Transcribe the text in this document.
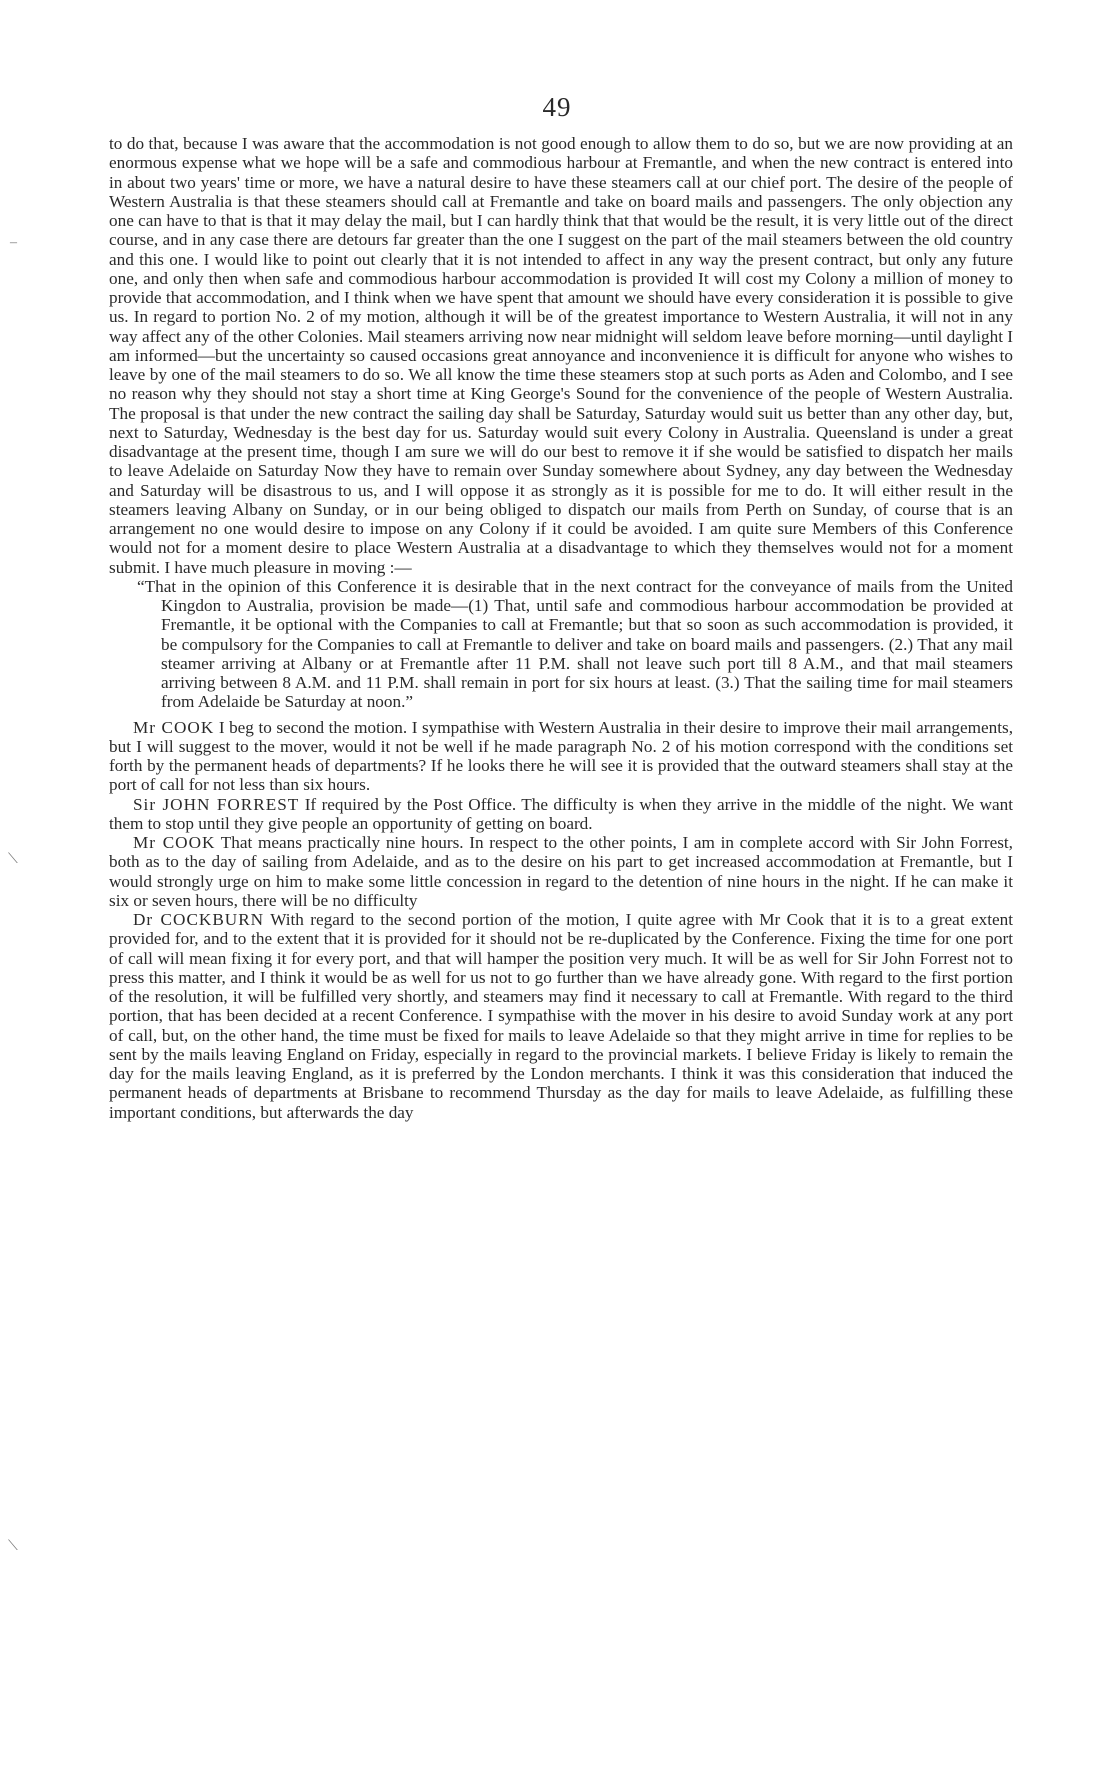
49
–
⟍
⟍

to do that, because I was aware that the accommodation is not good enough to allow them to do so, but we are now providing at an enormous expense what we hope will be a safe and commodious harbour at Fremantle, and when the new contract is entered into in about two years' time or more, we have a natural desire to have these steamers call at our chief port. The desire of the people of Western Australia is that these steamers should call at Fremantle and take on board mails and passengers. The only objection any one can have to that is that it may delay the mail, but I can hardly think that that would be the result, it is very little out of the direct course, and in any case there are detours far greater than the one I suggest on the part of the mail steamers between the old country and this one. I would like to point out clearly that it is not intended to affect in any way the present contract, but only any future one, and only then when safe and commodious harbour accommodation is provided It will cost my Colony a million of money to provide that accommodation, and I think when we have spent that amount we should have every consideration it is possible to give us. In regard to portion No. 2 of my motion, although it will be of the greatest importance to Western Australia, it will not in any way affect any of the other Colonies. Mail steamers arriving now near midnight will seldom leave before morning—until daylight I am informed—but the uncertainty so caused occasions great annoyance and inconvenience it is difficult for anyone who wishes to leave by one of the mail steamers to do so. We all know the time these steamers stop at such ports as Aden and Colombo, and I see no reason why they should not stay a short time at King George's Sound for the convenience of the people of Western Australia. The proposal is that under the new contract the sailing day shall be Saturday, Saturday would suit us better than any other day, but, next to Saturday, Wednesday is the best day for us. Saturday would suit every Colony in Australia. Queensland is under a great disadvantage at the present time, though I am sure we will do our best to remove it if she would be satisfied to dispatch her mails to leave Adelaide on Saturday Now they have to remain over Sunday somewhere about Sydney, any day between the Wednesday and Saturday will be disastrous to us, and I will oppose it as strongly as it is possible for me to do. It will either result in the steamers leaving Albany on Sunday, or in our being obliged to dispatch our mails from Perth on Sunday, of course that is an arrangement no one would desire to impose on any Colony if it could be avoided. I am quite sure Members of this Conference would not for a moment desire to place Western Australia at a disadvantage to which they themselves would not for a moment submit. I have much pleasure in moving :—

“That in the opinion of this Conference it is desirable that in the next contract for the conveyance of mails from the United Kingdon to Australia, provision be made—(1) That, until safe and commodious harbour accommodation be provided at Fremantle, it be optional with the Companies to call at Fremantle; but that so soon as such accommodation is provided, it be compulsory for the Companies to call at Fremantle to deliver and take on board mails and passengers. (2.) That any mail steamer arriving at Albany or at Fremantle after 11 P.M. shall not leave such port till 8 A.M., and that mail steamers arriving between 8 A.M. and 11 P.M. shall remain in port for six hours at least. (3.) That the sailing time for mail steamers from Adelaide be Saturday at noon.”

Mr COOK I beg to second the motion. I sympathise with Western Australia in their desire to improve their mail arrangements, but I will suggest to the mover, would it not be well if he made paragraph No. 2 of his motion correspond with the conditions set forth by the permanent heads of departments? If he looks there he will see it is provided that the outward steamers shall stay at the port of call for not less than six hours.

Sir JOHN FORREST If required by the Post Office. The difficulty is when they arrive in the middle of the night. We want them to stop until they give people an opportunity of getting on board.

Mr COOK That means practically nine hours. In respect to the other points, I am in complete accord with Sir John Forrest, both as to the day of sailing from Adelaide, and as to the desire on his part to get increased accommodation at Fremantle, but I would strongly urge on him to make some little concession in regard to the detention of nine hours in the night. If he can make it six or seven hours, there will be no difficulty

Dr COCKBURN With regard to the second portion of the motion, I quite agree with Mr Cook that it is to a great extent provided for, and to the extent that it is provided for it should not be re-duplicated by the Conference. Fixing the time for one port of call will mean fixing it for every port, and that will hamper the position very much. It will be as well for Sir John Forrest not to press this matter, and I think it would be as well for us not to go further than we have already gone. With regard to the first portion of the resolution, it will be fulfilled very shortly, and steamers may find it necessary to call at Fremantle. With regard to the third portion, that has been decided at a recent Conference. I sympathise with the mover in his desire to avoid Sunday work at any port of call, but, on the other hand, the time must be fixed for mails to leave Adelaide so that they might arrive in time for replies to be sent by the mails leaving England on Friday, especially in regard to the provincial markets. I believe Friday is likely to remain the day for the mails leaving England, as it is preferred by the London merchants. I think it was this consideration that induced the permanent heads of departments at Brisbane to recommend Thursday as the day for mails to leave Adelaide, as fulfilling these important conditions, but afterwards the day
